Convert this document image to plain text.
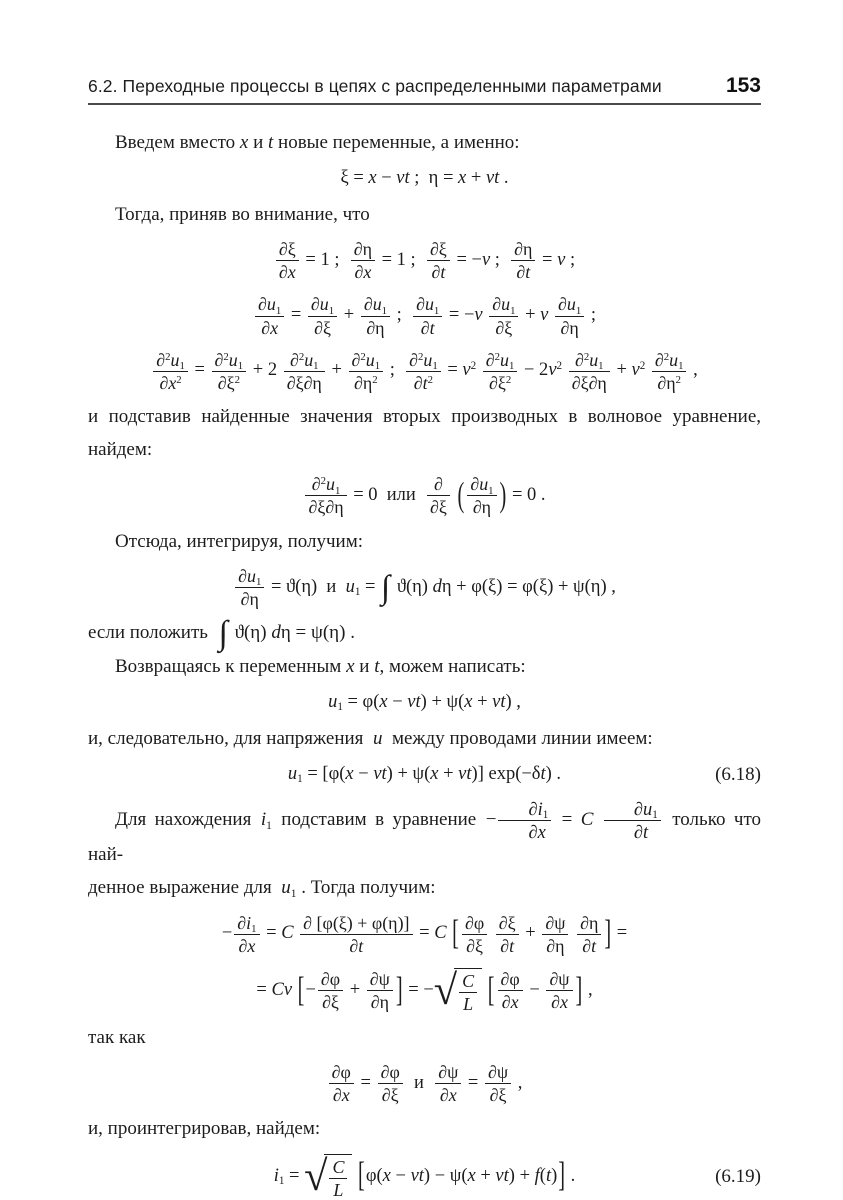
6.2. Переходные процессы в цепях с распределенными параметрами	153
Введем вместо x и t новые переменные, а именно:
ξ = x − vt ; η = x + vt .
Тогда, приняв во внимание, что
$\frac{\partial\xi}{\partial x} = 1$ ;  $\frac{\partial\eta}{\partial x} = 1$ ;  $\frac{\partial\xi}{\partial t} = -v$ ;  $\frac{\partial\eta}{\partial t} = v$ ;
$\frac{\partial u_1}{\partial x} = \frac{\partial u_1}{\partial\xi} + \frac{\partial u_1}{\partial\eta}$ ;  $\frac{\partial u_1}{\partial t} = -v \frac{\partial u_1}{\partial\xi} + v \frac{\partial u_1}{\partial\eta}$ ;
$\frac{\partial^2u_1}{\partial x^2} = \frac{\partial^2u_1}{\partial\xi^2} + 2 \frac{\partial^2u_1}{\partial\xi\partial\eta} + \frac{\partial^2u_1}{\partial\eta^2}$ ;  $\frac{\partial^2u_1}{\partial t^2} = v^2 \frac{\partial^2u_1}{\partial\xi^2} - 2v^2 \frac{\partial^2u_1}{\partial\xi\partial\eta} + v^2 \frac{\partial^2u_1}{\partial\eta^2}$ ,
и подставив найденные значения вторых производных в волновое уравнение,
найдем:
$\frac{\partial^2u_1}{\partial\xi\partial\eta} = 0$ или 
∂
∂ξ ( $\frac{\partial u_1}{\partial\eta}$ ) = 0 .
Отсюда, интегрируя, получим:
$\frac{\partial u_1}{\partial\eta} = ϑ(\eta)$ и $u_1$ = ∫ ϑ(η) dη + φ(ξ) = φ(ξ) + ψ(η) ,
если положить ∫ ϑ(η) dη = ψ(η) .
Возвращаясь к переменным x и t, можем написать:
$u_1 = \varphi(x - vt) + \psi(x + vt)$ ,
и, следовательно, для напряжения u между проводами линии имеем:
$u_1 = [\varphi(x - vt) + \psi(x + vt)]$ exp(−δt) .	(6.18)
Для нахождения $i_1$ подставим в уравнение − $\frac{\partial i_1}{\partial x} = C \frac{\partial u_1}{\partial t}$  только что най-
денное выражение для $u_1$ . Тогда получим:
− $\frac{\partial i_1}{\partial x} = C \frac{\partial [\varphi(\xi) + \varphi(\eta)]}{\partial t} = C$ [ $\frac{\partial\varphi}{\partial\xi}$
$\frac{\partial\xi}{\partial t} + \frac{\partial\psi}{\partial\eta}$
$\frac{\partial\eta}{\partial t}$ ] =
= Cv [− $\frac{\partial\varphi}{\partial\xi} + \frac{\partial\psi}{\partial\eta}$ ] = − √ $\frac{C}{L}$ [ $\frac{\partial\varphi}{\partial x} - \frac{\partial\psi}{\partial x}$ ] ,
так как
$\frac{\partial\varphi}{\partial x} = \frac{\partial\varphi}{\partial\xi}$  и  $\frac{\partial\psi}{\partial x} = \frac{\partial\psi}{\partial\xi}$ ,
и, проинтегрировав, найдем:
$i_1$ = √ $\frac{C}{L} [\varphi(x - vt) - \psi(x + vt) + f(t)]$ .	(6.19)
